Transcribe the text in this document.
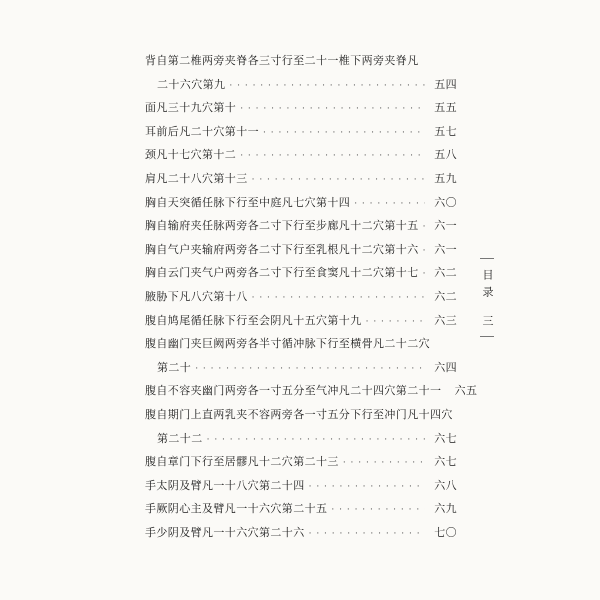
背自第二椎两旁夹脊各三寸行至二十一椎下两旁夹脊凡
二十六穴第九 · · ·	五四
面凡三十九穴第十 · · ·	五五
耳前后凡二十穴第十一 · · ·	五七
颈凡十七穴第十二 · · ·	五八
肩凡二十八穴第十三 · · ·	五九
胸自天突循任脉下行至中庭凡七穴第十四 · · ·	六〇
胸自输府夹任脉两旁各二寸下行至步廊凡十二穴第十五 · · ·	六一
胸自气户夹输府两旁各二寸下行至乳根凡十二穴第十六 · · ·	六一
胸自云门夹气户两旁各二寸下行至食窦凡十二穴第十七 · · ·	六二
腋胁下凡八穴第十八 · · ·	六二
腹自鸠尾循任脉下行至会阴凡十五穴第十九 · · ·	六三
腹自幽门夹巨阙两旁各半寸循冲脉下行至横骨凡二十二穴
第二十 · · ·	六四
腹自不容夹幽门两旁各一寸五分至气冲凡二十四穴第二十一	六五
腹自期门上直两乳夹不容两旁各一寸五分下行至冲门凡十四穴
第二十二 · · ·	六七
腹自章门下行至居髎凡十二穴第二十三 · · ·	六七
手太阴及臂凡一十八穴第二十四 · · ·	六八
手厥阴心主及臂凡一十六穴第二十五 · · ·	六九
手少阴及臂凡一十六穴第二十六 · · ·	七〇
目录
三
